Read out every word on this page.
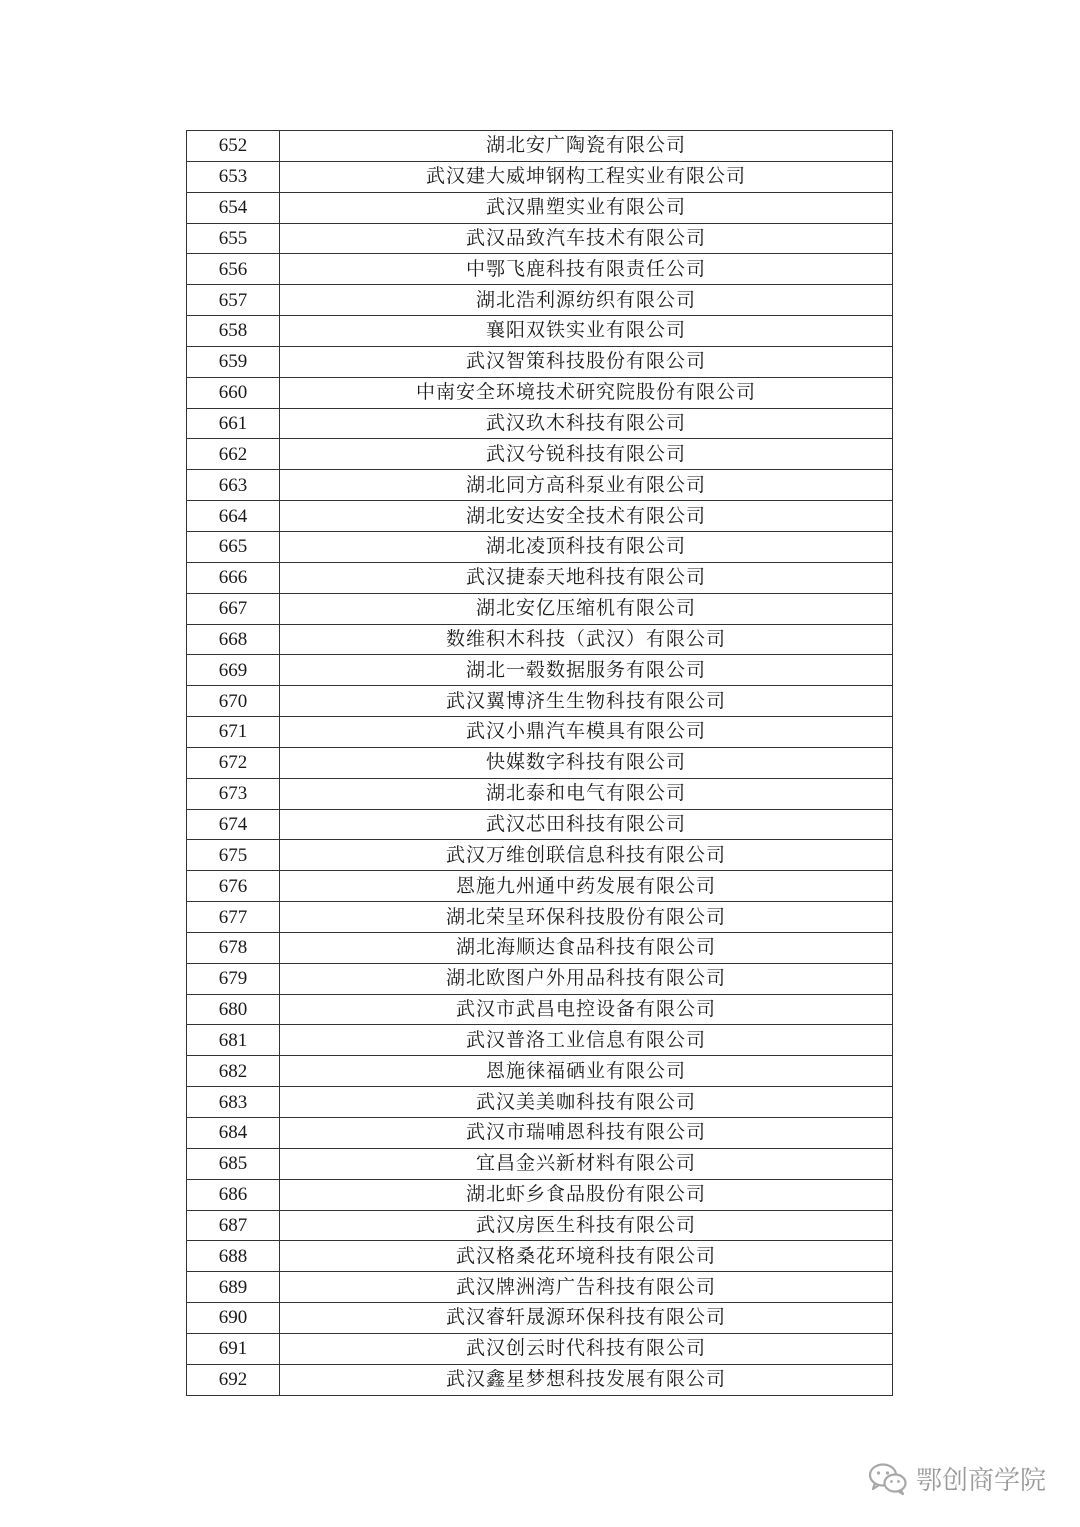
652	湖北安广陶瓷有限公司
653	武汉建大威坤钢构工程实业有限公司
654	武汉鼎塑实业有限公司
655	武汉品致汽车技术有限公司
656	中鄂飞鹿科技有限责任公司
657	湖北浩利源纺织有限公司
658	襄阳双铁实业有限公司
659	武汉智策科技股份有限公司
660	中南安全环境技术研究院股份有限公司
661	武汉玖木科技有限公司
662	武汉兮锐科技有限公司
663	湖北同方高科泵业有限公司
664	湖北安达安全技术有限公司
665	湖北凌顶科技有限公司
666	武汉捷泰天地科技有限公司
667	湖北安亿压缩机有限公司
668	数维积木科技（武汉）有限公司
669	湖北一毂数据服务有限公司
670	武汉翼博济生生物科技有限公司
671	武汉小鼎汽车模具有限公司
672	快媒数字科技有限公司
673	湖北泰和电气有限公司
674	武汉芯田科技有限公司
675	武汉万维创联信息科技有限公司
676	恩施九州通中药发展有限公司
677	湖北荣呈环保科技股份有限公司
678	湖北海顺达食品科技有限公司
679	湖北欧图户外用品科技有限公司
680	武汉市武昌电控设备有限公司
681	武汉普洛工业信息有限公司
682	恩施徕福硒业有限公司
683	武汉美美咖科技有限公司
684	武汉市瑞哺恩科技有限公司
685	宜昌金兴新材料有限公司
686	湖北虾乡食品股份有限公司
687	武汉房医生科技有限公司
688	武汉格桑花环境科技有限公司
689	武汉牌洲湾广告科技有限公司
690	武汉睿轩晟源环保科技有限公司
691	武汉创云时代科技有限公司
692	武汉鑫星梦想科技发展有限公司
鄂创商学院
